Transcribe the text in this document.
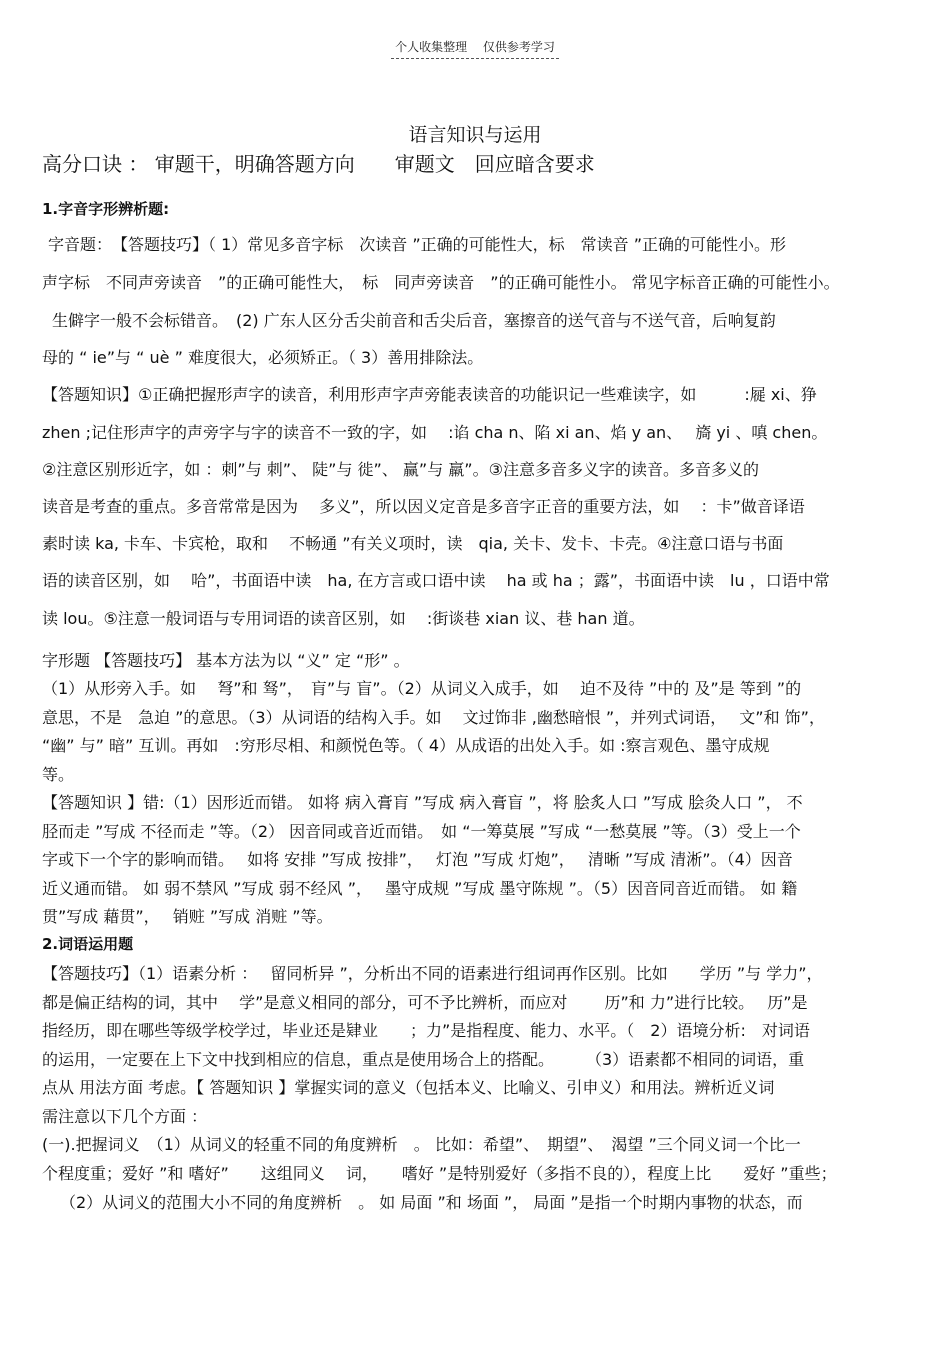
个人收集整理　 仅供参考学习
语言知识与运用
高分口诀 ： 审题干，明确答题方向　　审题文　回应暗含要求
1.字音字形辨析题:
字音题：　【答题技巧】（ 1）常见多音字标　次读音 ”正确的可能性大，标　常读音 ”正确的可能性小。形
声字标　不同声旁读音　”的正确可能性大，　标　同声旁读音　”的正确可能性小。 常见字标音正确的可能性小。
生僻字一般不会标错音。　(2) 广东人区分舌尖前音和舌尖后音，塞擦音的送气音与不送气音，后响复韵
母的 “ ie”与 “ uè ” 难度很大，必须矫正。（ 3）善用排除法。
【答题知识】①正确把握形声字的读音，利用形声字声旁能表读音的功能识记一些难读字，如　　　:屣 xi、狰
zhen ;记住形声字的声旁字与字的读音不一致的字，如　 :谄 cha n、陷 xi an、焰 y an、　 旖 yi 、嗔 chen。
②注意区别形近字，如 ：刺”与 刺”、 陡”与 徙”、 赢”与 羸”。③注意多音多义字的读音。多音多义的
读音是考查的重点。多音常常是因为　 多义”，所以因义定音是多音字正音的重要方法，如　 ：卡”做音译语
素时读 ka, 卡车、卡宾枪，取和　 不畅通 ”有关义项时，读　qia, 关卡、发卡、卡壳。④注意口语与书面
语的读音区别，如　 哈”，书面语中读　ha, 在方言或口语中读　 ha 或 ha ；露”，书面语中读　lu ，口语中常
读 lou。⑤注意一般词语与专用词语的读音区别，如　 :街谈巷 xian 议、巷 han 道。
字形题 【答题技巧】 基本方法为以 “义” 定 “形” 。
（1）从形旁入手。如　 弩”和 驽”，　肓”与 盲”。（2）从词义入成手，如　 迫不及待 ”中的 及”是 等到 ”的
意思，不是　急迫 ”的意思。（3）从词语的结构入手。如　 文过饰非 ,幽愁暗恨 ”，并列式词语，　 文”和 饰”，
“幽” 与” 暗” 互训。再如　:穷形尽相、和颜悦色等。（ 4）从成语的出处入手。如 :察言观色、墨守成规
等。
【答题知识 】错:（1）因形近而错。 如将 病入膏肓 ”写成 病入膏盲 ”，将 脍炙人口 ”写成 脍灸人口 ”， 不
胫而走 ”写成 不径而走 ”等。（2） 因音同或音近而错。　如 “一筹莫展 ”写成 “一愁莫展 ”等。（3）受上一个
字或下一个字的影响而错。　 如将 安排 ”写成 按排”，　 灯泡 ”写成 灯炮”，　 清晰 ”写成 清淅”。（4）因音
近义通而错。 如 弱不禁风 ”写成 弱不经风 ”，　 墨守成规 ”写成 墨守陈规 ”。（5）因音同音近而错。 如 籍
贯”写成 藉贯”，　 销赃 ”写成 消赃 ”等。
2.词语运用题
【答题技巧】（1）语素分析 ：　 留同析异 ”，分析出不同的语素进行组词再作区别。比如　　学历 ”与 学力”，
都是偏正结构的词，其中　 学”是意义相同的部分，可不予比辨析，而应对　　 历”和 力”进行比较。　 历”是
指经历，即在哪些等级学校学过，毕业还是肄业　　；力”是指程度、能力、水平。（　2）语境分析:　对词语
的运用，一定要在上下文中找到相应的信息，重点是使用场合上的搭配。　　　（3）语素都不相同的词语，重
点从 用法方面 考虑。【 答题知识 】掌握实词的意义（包括本义、比喻义、引申义）和用法。辨析近义词
需注意以下几个方面 ：
(一).把握词义　（1）从词义的轻重不同的角度辨析　。 比如：希望”、　期望”、　渴望 ”三个同义词一个比一
个程度重；爱好 ”和 嗜好”　　这组同义　 词，　　嗜好 ”是特别爱好（多指不良的），程度上比　　爱好 ”重些；
（2）从词义的范围大小不同的角度辨析　。 如 局面 ”和 场面 ”， 局面 ”是指一个时期内事物的状态，而
